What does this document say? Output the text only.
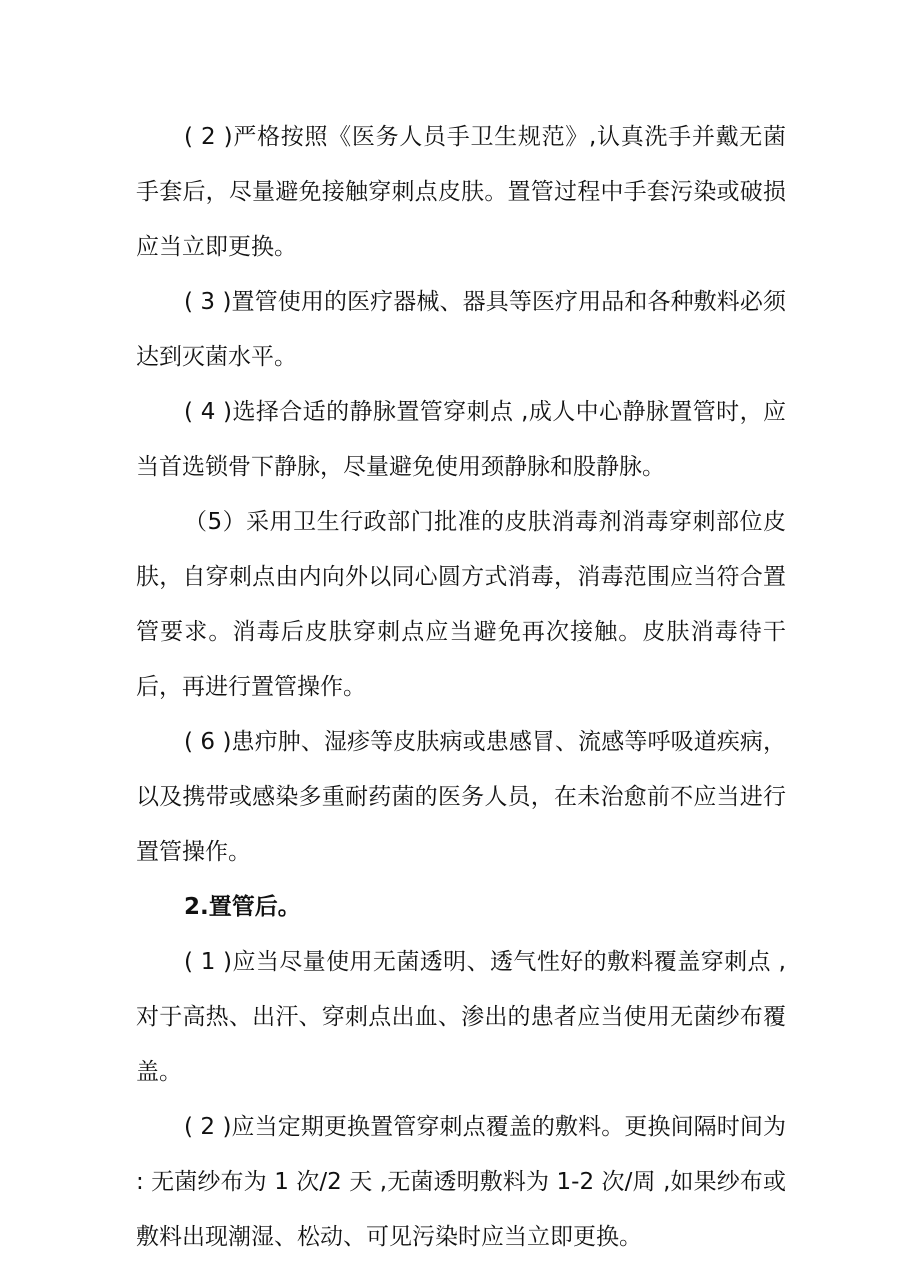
( 2 )严格按照《医务人员手卫生规范》,认真洗手并戴无菌手套后，尽量避免接触穿刺点皮肤。置管过程中手套污染或破损应当立即更换。

( 3 )置管使用的医疗器械、器具等医疗用品和各种敷料必须达到灭菌水平。

( 4 )选择合适的静脉置管穿刺点 ,成人中心静脉置管时，应当首选锁骨下静脉，尽量避免使用颈静脉和股静脉。

（5）采用卫生行政部门批准的皮肤消毒剂消毒穿刺部位皮肤，自穿刺点由内向外以同心圆方式消毒，消毒范围应当符合置管要求。消毒后皮肤穿刺点应当避免再次接触。皮肤消毒待干后，再进行置管操作。

( 6 )患疖肿、湿疹等皮肤病或患感冒、流感等呼吸道疾病，以及携带或感染多重耐药菌的医务人员，在未治愈前不应当进行置管操作。

2.置管后。

( 1 )应当尽量使用无菌透明、透气性好的敷料覆盖穿刺点 ,对于高热、出汗、穿刺点出血、渗出的患者应当使用无菌纱布覆盖。

( 2 )应当定期更换置管穿刺点覆盖的敷料。更换间隔时间为 : 无菌纱布为 1 次/2 天 ,无菌透明敷料为 1-2 次/周 ,如果纱布或敷料出现潮湿、松动、可见污染时应当立即更换。
